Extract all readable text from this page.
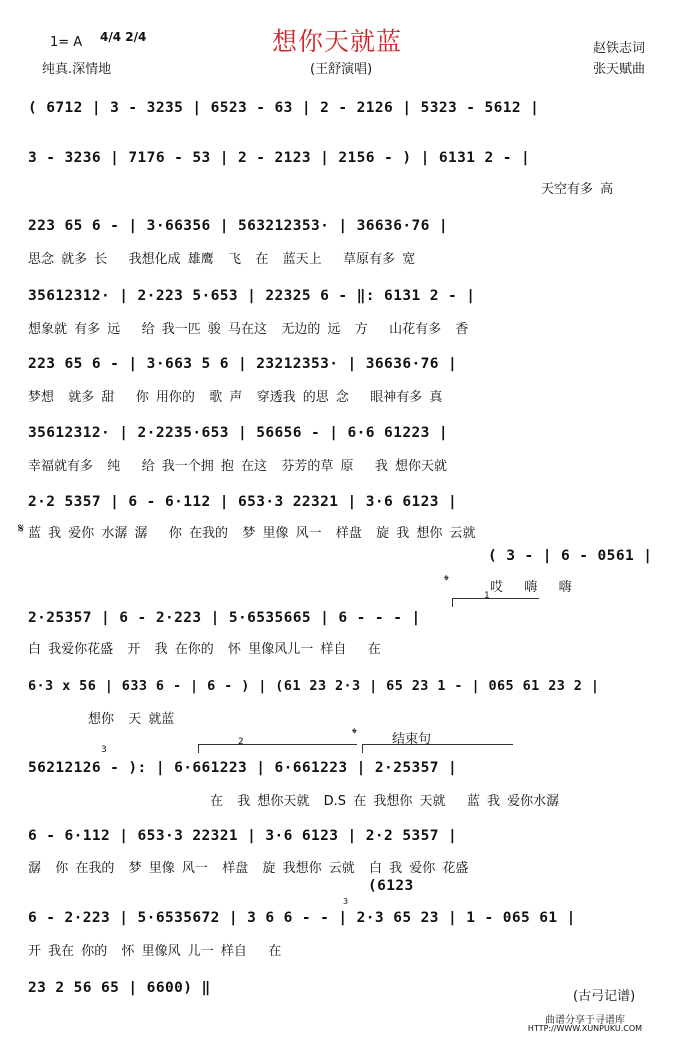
1= A 4/4 2/4	想你天就蓝	赵铁志词
纯真.深情地	(王舒演唱)	张天赋曲
( 6712 | 3 - 3235 | 6523 - 63 | 2 - 2126 | 5323 - 5612 |
3 - 3236 | 7176 - 53 | 2 - 2123 | 2156 - ) | 6131 2 - |
天空有多 高
223 65 6 - | 3·66356 | 563212353· | 36636·76 |
思念 就多 长   我想化成 雄鹰  飞  在  蓝天上   草原有多 宽
35612312· | 2·223 5·653 | 22325 6 - ‖: 6131 2 - |
想象就 有多 远   给 我一匹 骏 马在这  无边的 远  方   山花有多  香
223 65 6 - | 3·663 5 6 | 23212353· | 36636·76 |
梦想  就多 甜   你 用你的  歌 声  穿透我 的思 念   眼神有多 真
35612312· | 2·2235·653 | 56656 - | 6·6 61223 |
幸福就有多  纯   给 我一个拥 抱 在这  芬芳的草 原   我 想你天就
2·2 5357 | 6 - 6·112 | 653·3 22321 | 3·6 6123 |
𝄋 蓝 我 爱你 水潺 潺   你 在我的  梦 里像 风一  样盘  旋 我 想你 云就
( 3 - | 6 - 0561 |
𝄌	哎   嗨   嗨
1
2·25357 | 6 - 2·223 | 5·6535665 | 6 - - - |
白 我爱你花盛  开  我 在你的  怀 里像风儿一 样自   在
6·3 x 56 | 633 6 - | 6 - ) | (61 23 2·3 | 65 23 1 - | 065 61 23 2 |
想你  天 就蓝
𝄌	结束句
2
3
56212126 - ): | 6·661223 | 6·661223 | 2·25357 |
在  我 想你天就  D.S 在 我想你 天就   蓝 我 爱你水潺
6 - 6·112 | 653·3 22321 | 3·6 6123 | 2·2 5357 |
潺  你 在我的  梦 里像 风一  样盘  旋 我想你 云就  白 我 爱你 花盛
(6123
3
6 - 2·223 | 5·6535672 | 3 6 6 - - | 2·3 65 23 | 1 - 065 61 |
开 我在 你的  怀 里像风 儿一 样自   在
23 2 56 65 | 6600) ‖
(古弓记谱)
曲谱分享于寻谱库
HTTP://WWW.XUNPUKU.COM
